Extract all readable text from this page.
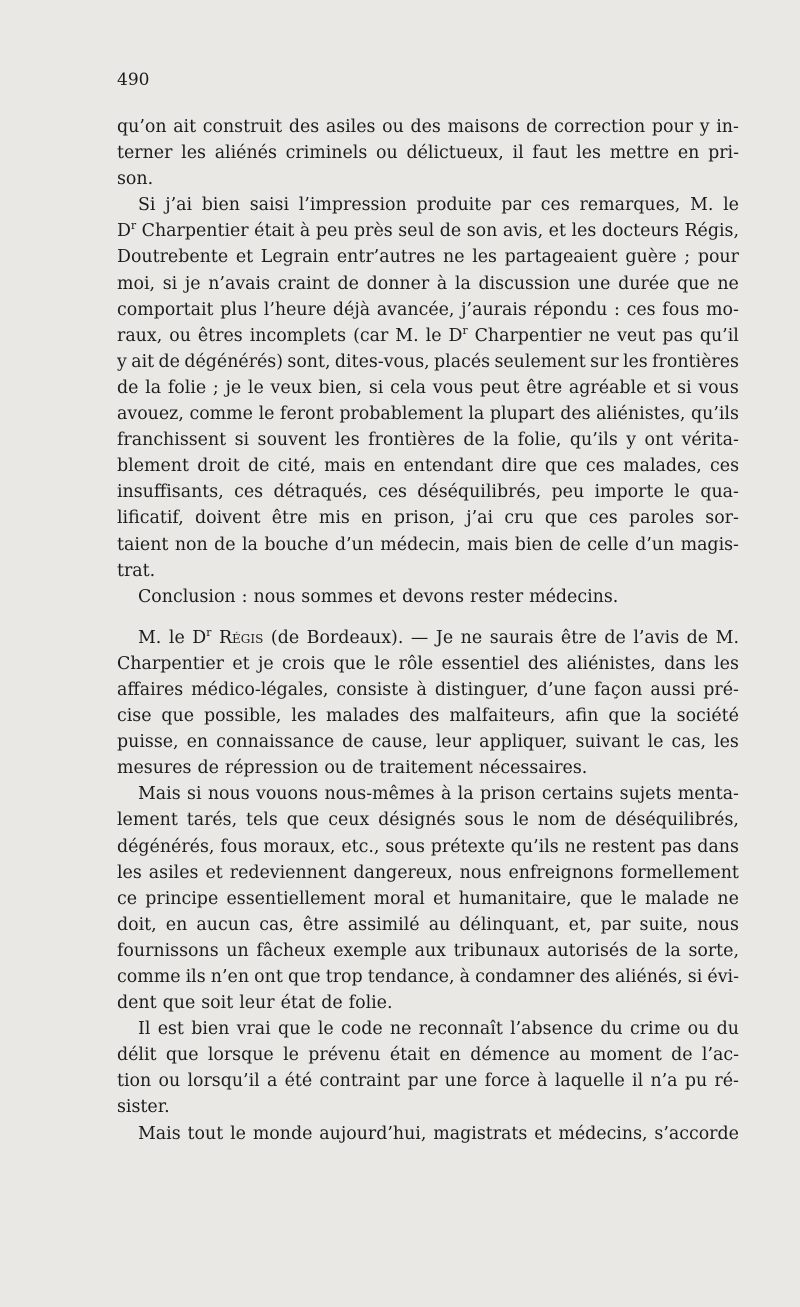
490
qu’on ait construit des asiles ou des maisons de correction pour y in-
terner les aliénés criminels ou délictueux, il faut les mettre en pri-
son.
Si j’ai bien saisi l’impression produite par ces remarques, M. le
$D^r$ Charpentier était à peu près seul de son avis, et les docteurs Régis,
Doutrebente et Legrain entr’autres ne les partageaient guère ; pour
moi, si je n’avais craint de donner à la discussion une durée que ne
comportait plus l’heure déjà avancée, j’aurais répondu : ces fous mo-
raux, ou êtres incomplets (car M. le $D^r$ Charpentier ne veut pas qu’il
y ait de dégénérés) sont, dites-vous, placés seulement sur les frontières
de la folie ; je le veux bien, si cela vous peut être agréable et si vous
avouez, comme le feront probablement la plupart des aliénistes, qu’ils
franchissent si souvent les frontières de la folie, qu’ils y ont vérita-
blement droit de cité, mais en entendant dire que ces malades, ces
insuffisants, ces détraqués, ces déséquilibrés, peu importe le qua-
lificatif, doivent être mis en prison, j’ai cru que ces paroles sor-
taient non de la bouche d’un médecin, mais bien de celle d’un magis-
trat.
Conclusion : nous sommes et devons rester médecins.
M. le $D^r$ Régis (de Bordeaux). — Je ne saurais être de l’avis de M.
Charpentier et je crois que le rôle essentiel des aliénistes, dans les
affaires médico-légales, consiste à distinguer, d’une façon aussi pré-
cise que possible, les malades des malfaiteurs, afin que la société
puisse, en connaissance de cause, leur appliquer, suivant le cas, les
mesures de répression ou de traitement nécessaires.
Mais si nous vouons nous-mêmes à la prison certains sujets menta-
lement tarés, tels que ceux désignés sous le nom de déséquilibrés,
dégénérés, fous moraux, etc., sous prétexte qu’ils ne restent pas dans
les asiles et redeviennent dangereux, nous enfreignons formellement
ce principe essentiellement moral et humanitaire, que le malade ne
doit, en aucun cas, être assimilé au délinquant, et, par suite, nous
fournissons un fâcheux exemple aux tribunaux autorisés de la sorte,
comme ils n’en ont que trop tendance, à condamner des aliénés, si évi-
dent que soit leur état de folie.
Il est bien vrai que le code ne reconnaît l’absence du crime ou du
délit que lorsque le prévenu était en démence au moment de l’ac-
tion ou lorsqu’il a été contraint par une force à laquelle il n’a pu ré-
sister.
Mais tout le monde aujourd’hui, magistrats et médecins, s’accorde
